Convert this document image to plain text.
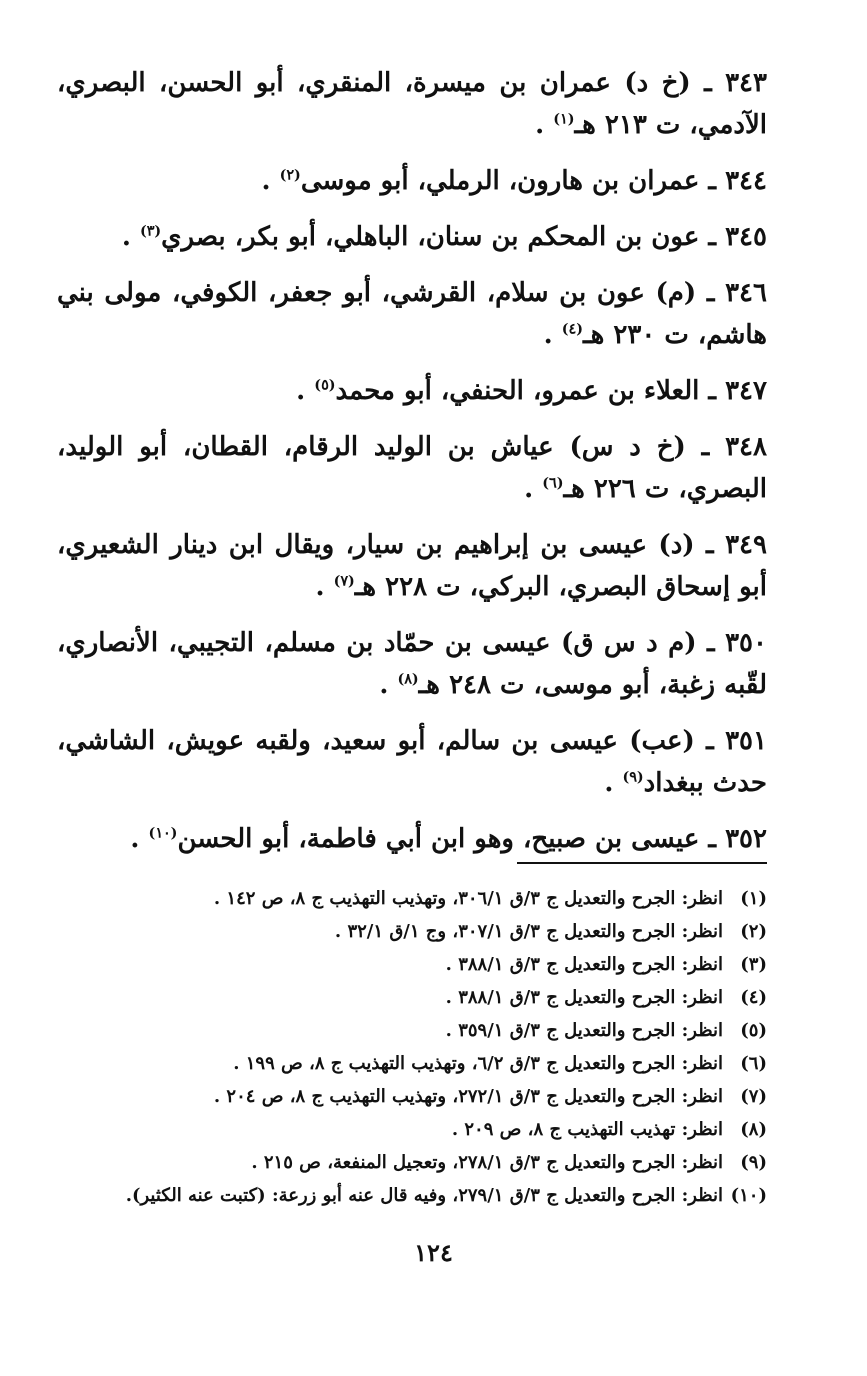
٣٤٣ ـ (خ د) عمران بن ميسرة، المنقري، أبو الحسن، البصري، الآدمي، ت ٢١٣ هـ$^{(١)}$ .
٣٤٤ ـ عمران بن هارون، الرملي، أبو موسى$^{(٢)}$ .
٣٤٥ ـ عون بن المحكم بن سنان، الباهلي، أبو بكر، بصري$^{(٣)}$ .
٣٤٦ ـ (م) عون بن سلام، القرشي، أبو جعفر، الكوفي، مولى بني هاشم، ت ٢٣٠ هـ$^{(٤)}$ .
٣٤٧ ـ العلاء بن عمرو، الحنفي، أبو محمد$^{(٥)}$ .
٣٤٨ ـ (خ د س) عياش بن الوليد الرقام، القطان، أبو الوليد، البصري، ت ٢٢٦ هـ$^{(٦)}$ .
٣٤٩ ـ (د) عيسى بن إبراهيم بن سيار، ويقال ابن دينار الشعيري، أبو إسحاق البصري، البركي، ت ٢٢٨ هـ$^{(٧)}$ .
٣٥٠ ـ (م د س ق) عيسى بن حمّاد بن مسلم، التجيبي، الأنصاري، لقّبه زغبة، أبو موسى، ت ٢٤٨ هـ$^{(٨)}$ .
٣٥١ ـ (عب) عيسى بن سالم، أبو سعيد، ولقبه عويش، الشاشي، حدث ببغداد$^{(٩)}$ .
٣٥٢ ـ عيسى بن صبيح، وهو ابن أبي فاطمة، أبو الحسن$^{(١٠)}$ .
(١)
انظر: الجرح والتعديل ج ٣/ق ٣٠٦/١، وتهذيب التهذيب ج ٨، ص ١٤٢ .
(٢)
انظر: الجرح والتعديل ج ٣/ق ٣٠٧/١، وج ١/ق ٣٢/١ .
(٣)
انظر: الجرح والتعديل ج ٣/ق ٣٨٨/١ .
(٤)
انظر: الجرح والتعديل ج ٣/ق ٣٨٨/١ .
(٥)
انظر: الجرح والتعديل ج ٣/ق ٣٥٩/١ .
(٦)
انظر: الجرح والتعديل ج ٣/ق ٦/٢، وتهذيب التهذيب ج ٨، ص ١٩٩ .
(٧)
انظر: الجرح والتعديل ج ٣/ق ٢٧٢/١، وتهذيب التهذيب ج ٨، ص ٢٠٤ .
(٨)
انظر: تهذيب التهذيب ج ٨، ص ٢٠٩ .
(٩)
انظر: الجرح والتعديل ج ٣/ق ٢٧٨/١، وتعجيل المنفعة، ص ٢١٥ .
(١٠)
انظر: الجرح والتعديل ج ٣/ق ٢٧٩/١، وفيه قال عنه أبو زرعة: (كتبت عنه الكثير).
١٢٤
